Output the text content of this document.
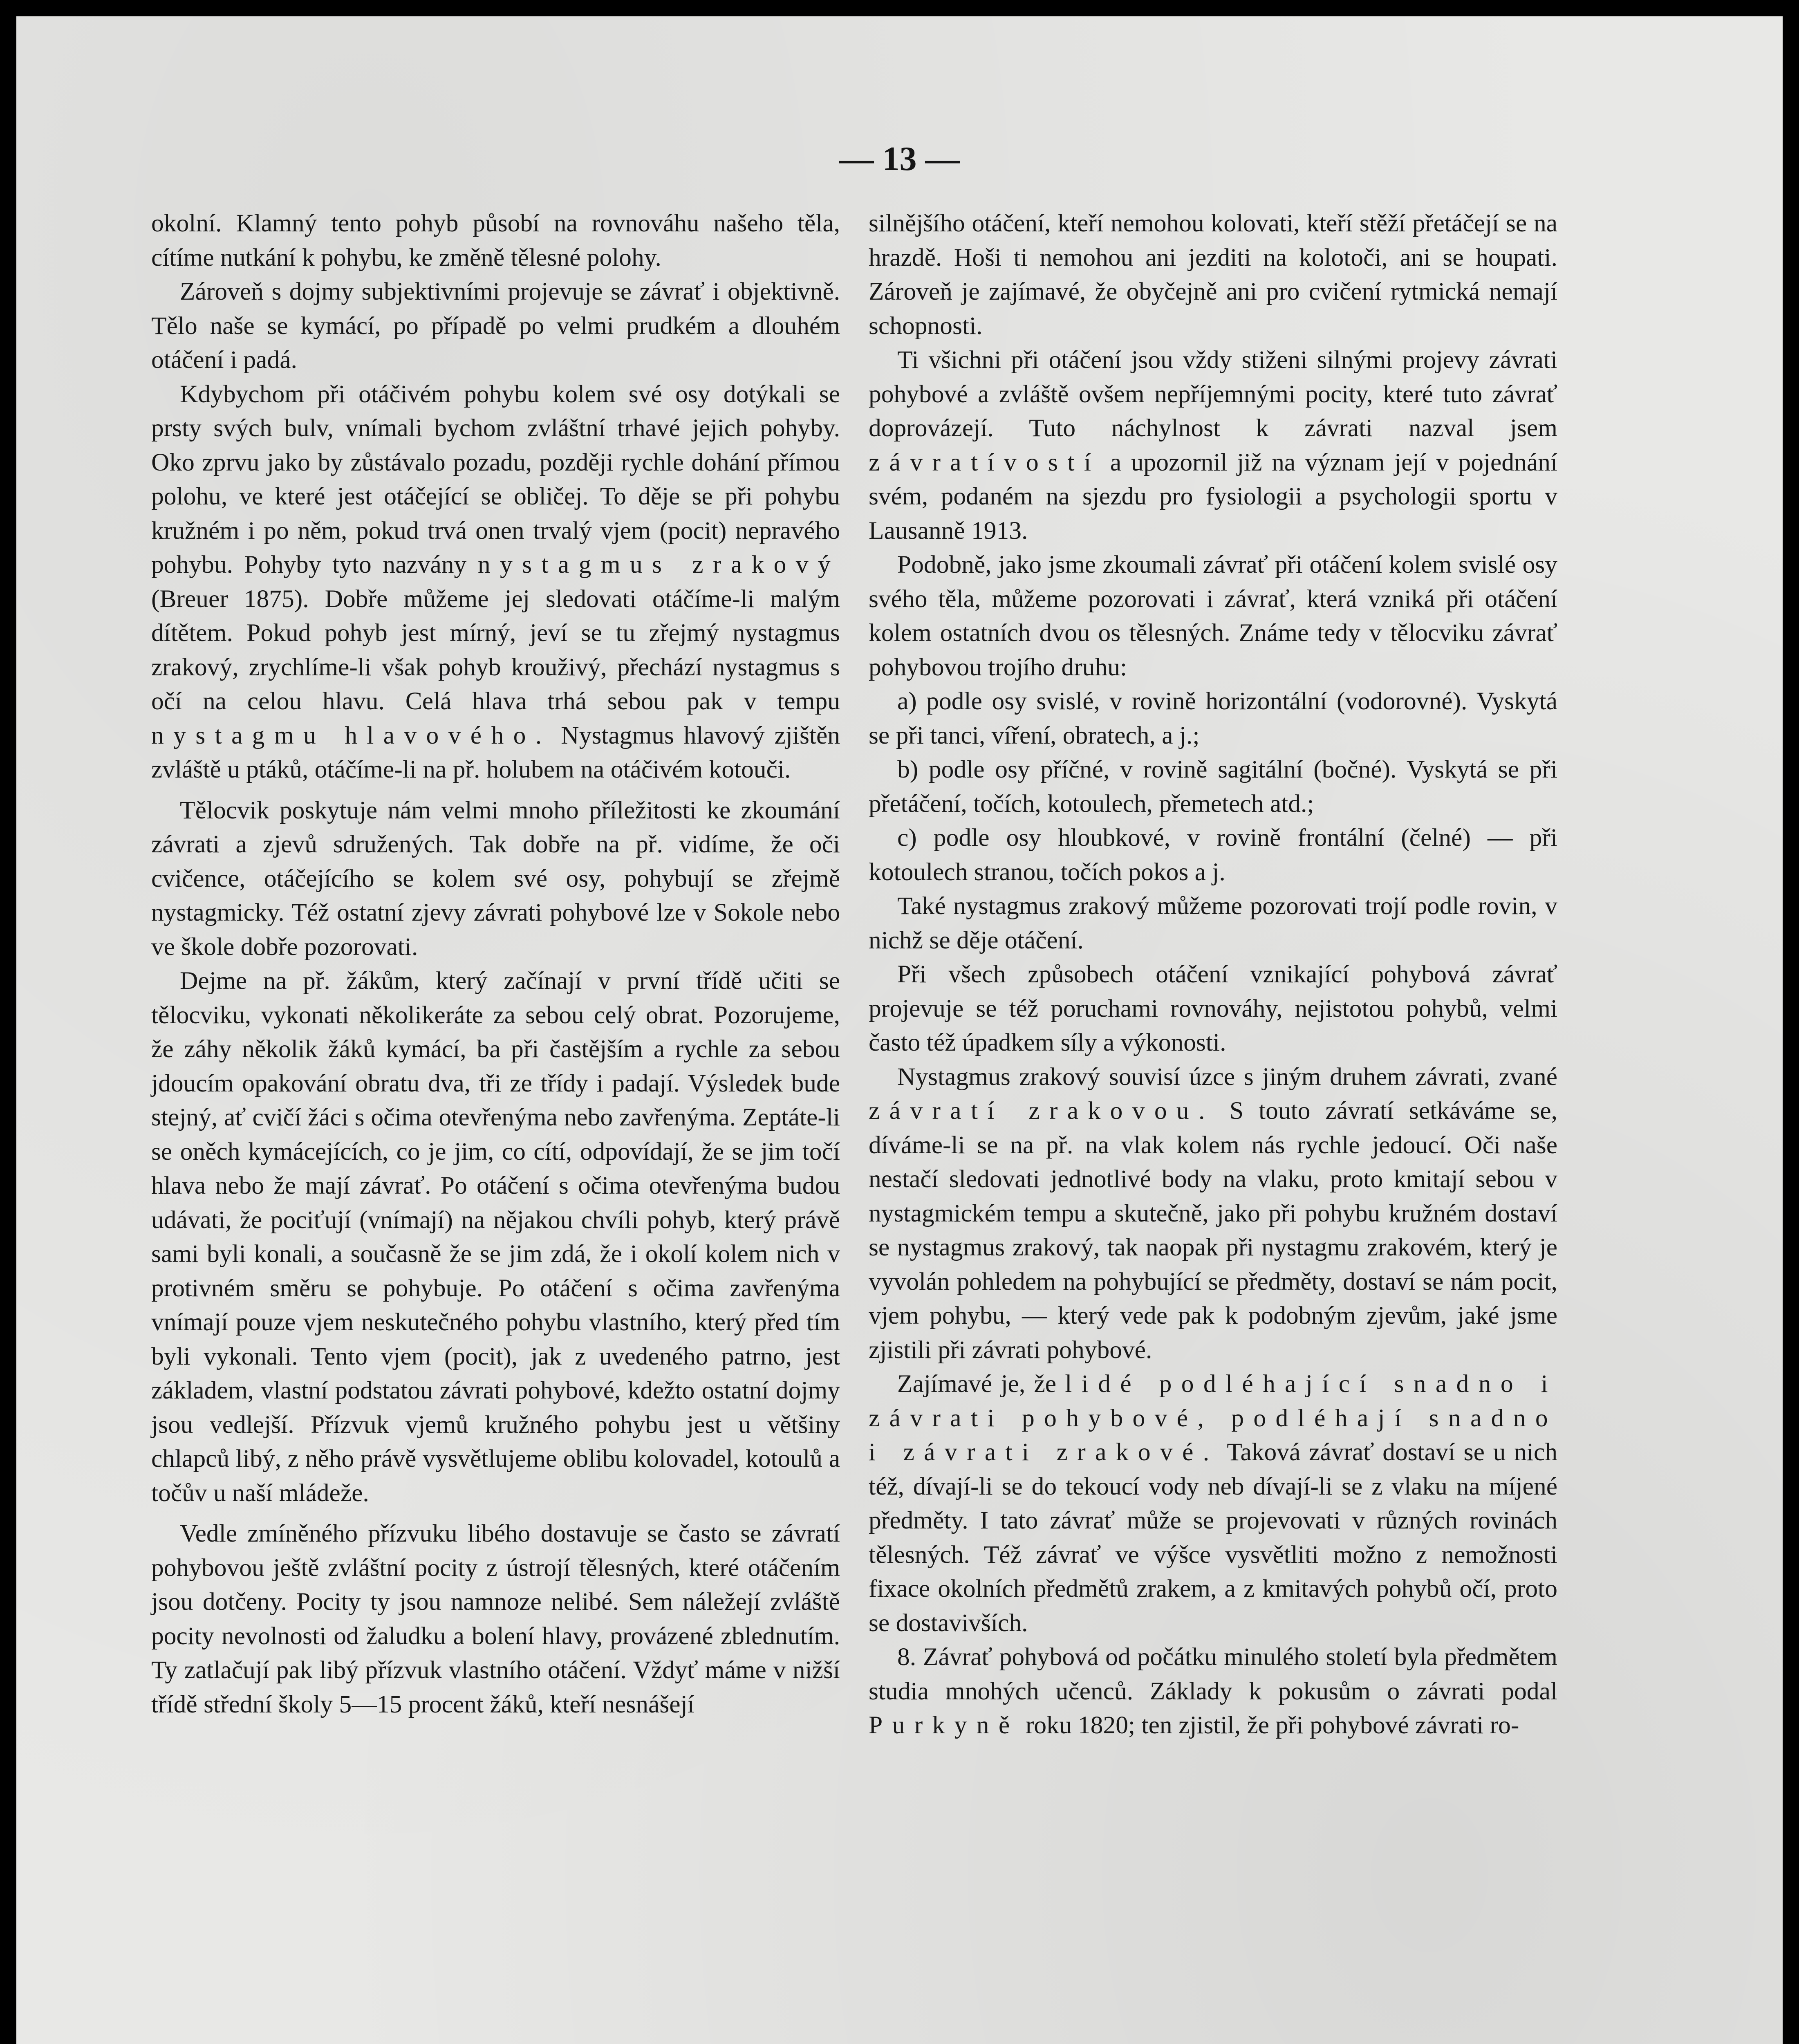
— 13 —

okolní. Klamný tento pohyb působí na rovnováhu našeho těla, cítíme nutkání k pohybu, ke změně tělesné polohy.

Zároveň s dojmy subjektivními projevuje se závrať i objektivně. Tělo naše se kymácí, po případě po velmi prudkém a dlouhém otáčení i padá.

Kdybychom při otáčivém pohybu kolem své osy dotýkali se prsty svých bulv, vnímali bychom zvláštní trhavé jejich pohyby. Oko zprvu jako by zůstávalo pozadu, později rychle dohání přímou polohu, ve které jest otáčející se obličej. To děje se při pohybu kružném i po něm, pokud trvá onen trvalý vjem (pocit) nepravého pohybu. Pohyby tyto nazvány nystagmus zrakový (Breuer 1875). Dobře můžeme jej sledovati otáčíme-li malým dítětem. Pokud pohyb jest mírný, jeví se tu zřejmý nystagmus zrakový, zrychlíme-li však pohyb krouživý, přechází nystagmus s očí na celou hlavu. Celá hlava trhá sebou pak v tempu nystagmu hlavového. Nystagmus hlavový zjištěn zvláště u ptáků, otáčíme-li na př. holubem na otáčivém kotouči.

Tělocvik poskytuje nám velmi mnoho příležitosti ke zkoumání závrati a zjevů sdružených. Tak dobře na př. vidíme, že oči cvičence, otáčejícího se kolem své osy, pohybují se zřejmě nystagmicky. Též ostatní zjevy závrati pohybové lze v Sokole nebo ve škole dobře pozorovati.

Dejme na př. žákům, který začínají v první třídě učiti se tělocviku, vykonati několikeráte za sebou celý obrat. Pozorujeme, že záhy několik žáků kymácí, ba při častějším a rychle za sebou jdoucím opakování obratu dva, tři ze třídy i padají. Výsledek bude stejný, ať cvičí žáci s očima otevřenýma nebo zavřenýma. Zeptáte-li se oněch kymácejících, co je jim, co cítí, odpovídají, že se jim točí hlava nebo že mají závrať. Po otáčení s očima otevřenýma budou udávati, že pociťují (vnímají) na nějakou chvíli pohyb, který právě sami byli konali, a současně že se jim zdá, že i okolí kolem nich v protivném směru se pohybuje. Po otáčení s očima zavřenýma vnímají pouze vjem neskutečného pohybu vlastního, který před tím byli vykonali. Tento vjem (pocit), jak z uvedeného patrno, jest základem, vlastní podstatou závrati pohybové, kdežto ostatní dojmy jsou vedlejší. Přízvuk vjemů kružného pohybu jest u většiny chlapců libý, z něho právě vysvětlujeme oblibu kolovadel, kotoulů a točův u naší mládeže.

Vedle zmíněného přízvuku libého dostavuje se často se závratí pohybovou ještě zvláštní pocity z ústrojí tělesných, které otáčením jsou dotčeny. Pocity ty jsou namnoze nelibé. Sem náležejí zvláště pocity nevolnosti od žaludku a bolení hlavy, provázené zblednutím. Ty zatlačují pak libý přízvuk vlastního otáčení. Vždyť máme v nižší třídě střední školy 5—15 procent žáků, kteří nesnášejí

silnějšího otáčení, kteří nemohou kolovati, kteří stěží přetáčejí se na hrazdě. Hoši ti nemohou ani jezditi na kolotoči, ani se houpati. Zároveň je zajímavé, že obyčejně ani pro cvičení rytmická nemají schopnosti.

Ti všichni při otáčení jsou vždy stiženi silnými projevy závrati pohybové a zvláště ovšem nepříjemnými pocity, které tuto závrať doprovázejí. Tuto náchylnost k závrati nazval jsem závratívostí a upozornil již na význam její v pojednání svém, podaném na sjezdu pro fysiologii a psychologii sportu v Lausanně 1913.

Podobně, jako jsme zkoumali závrať při otáčení kolem svislé osy svého těla, můžeme pozorovati i závrať, která vzniká při otáčení kolem ostatních dvou os tělesných. Známe tedy v tělocviku závrať pohybovou trojího druhu:

a) podle osy svislé, v rovině horizontální (vodorovné). Vyskytá se při tanci, víření, obratech, a j.;

b) podle osy příčné, v rovině sagitální (bočné). Vyskytá se při přetáčení, točích, kotoulech, přemetech atd.;

c) podle osy hloubkové, v rovině frontální (čelné) — při kotoulech stranou, točích pokos a j.

Také nystagmus zrakový můžeme pozorovati trojí podle rovin, v nichž se děje otáčení.

Při všech způsobech otáčení vznikající pohybová závrať projevuje se též poruchami rovnováhy, nejistotou pohybů, velmi často též úpadkem síly a výkonosti.

Nystagmus zrakový souvisí úzce s jiným druhem závrati, zvané závratí zrakovou. S touto závratí setkáváme se, díváme-li se na př. na vlak kolem nás rychle jedoucí. Oči naše nestačí sledovati jednotlivé body na vlaku, proto kmitají sebou v nystagmickém tempu a skutečně, jako při pohybu kružném dostaví se nystagmus zrakový, tak naopak při nystagmu zrakovém, který je vyvolán pohledem na pohybující se předměty, dostaví se nám pocit, vjem pohybu, — který vede pak k podobným zjevům, jaké jsme zjistili při závrati pohybové.

Zajímavé je, že lidé podléhající snadno i závrati pohybové, podléhají snadno i závrati zrakové. Taková závrať dostaví se u nich též, dívají-li se do tekoucí vody neb dívají-li se z vlaku na míjené předměty. I tato závrať může se projevovati v různých rovinách tělesných. Též závrať ve výšce vysvětliti možno z nemožnosti fixace okolních předmětů zrakem, a z kmitavých pohybů očí, proto se dostavivších.

8. Závrať pohybová od počátku minulého století byla předmětem studia mnohých učenců. Základy k pokusům o závrati podal Purkyně roku 1820; ten zjistil, že při pohybové závrati ro-
